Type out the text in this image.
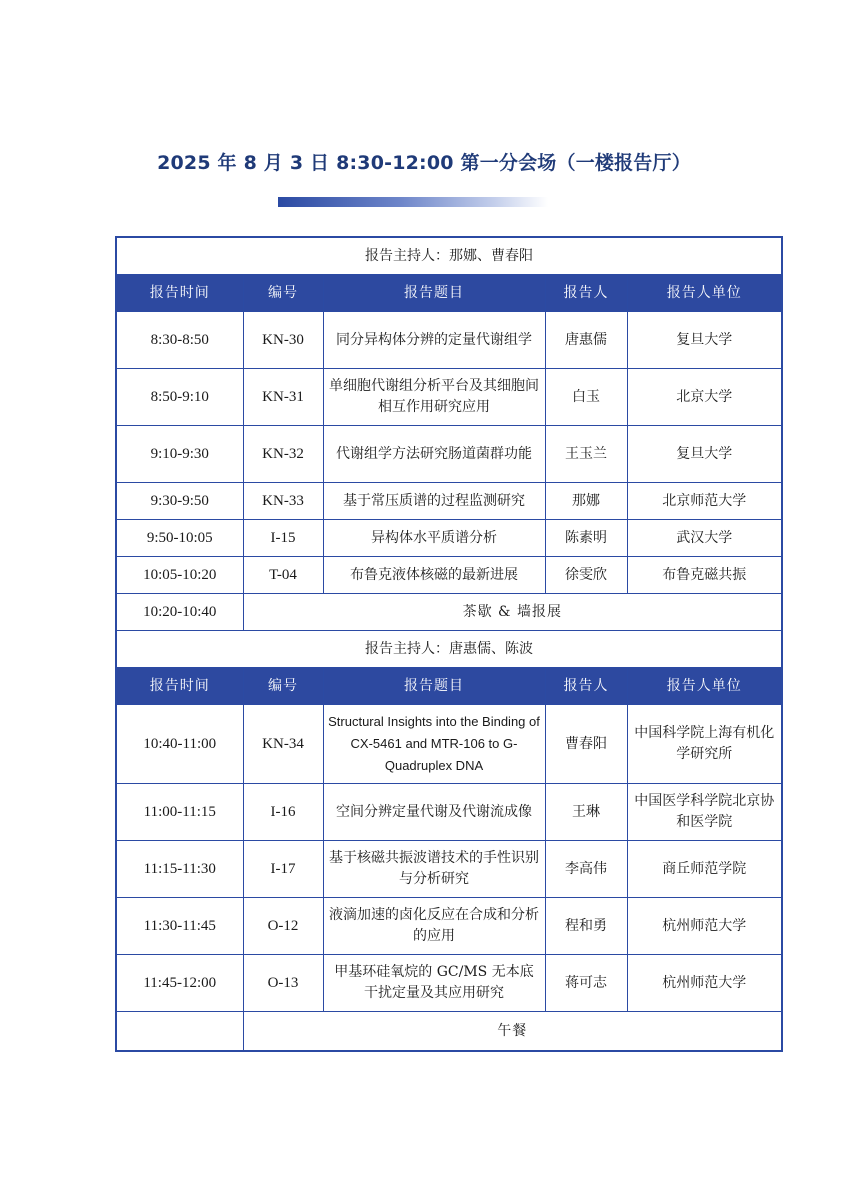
2025 年 8 月 3 日 8:30-12:00 第一分会场（一楼报告厅）
报告主持人：那娜、曹春阳				
报告时间	编号	报告题目	报告人	报告人单位
8:30-8:50	KN-30	同分异构体分辨的定量代谢组学	唐惠儒	复旦大学
8:50-9:10	KN-31	单细胞代谢组分析平台及其细胞间相互作用研究应用	白玉	北京大学
9:10-9:30	KN-32	代谢组学方法研究肠道菌群功能	王玉兰	复旦大学
9:30-9:50	KN-33	基于常压质谱的过程监测研究	那娜	北京师范大学
9:50-10:05	I-15	异构体水平质谱分析	陈素明	武汉大学
10:05-10:20	T-04	布鲁克液体核磁的最新进展	徐雯欣	布鲁克磁共振
10:20-10:40	茶歇 & 墙报展			
报告主持人：唐惠儒、陈波				
报告时间	编号	报告题目	报告人	报告人单位
10:40-11:00	KN-34	Structural Insights into the Binding of CX-5461 and MTR-106 to G-Quadruplex DNA	曹春阳	中国科学院上海有机化学研究所
11:00-11:15	I-16	空间分辨定量代谢及代谢流成像	王琳	中国医学科学院北京协和医学院
11:15-11:30	I-17	基于核磁共振波谱技术的手性识别与分析研究	李高伟	商丘师范学院
11:30-11:45	O-12	液滴加速的卤化反应在合成和分析的应用	程和勇	杭州师范大学
11:45-12:00	O-13	甲基环硅氧烷的 GC/MS 无本底干扰定量及其应用研究	蒋可志	杭州师范大学
	午餐			
